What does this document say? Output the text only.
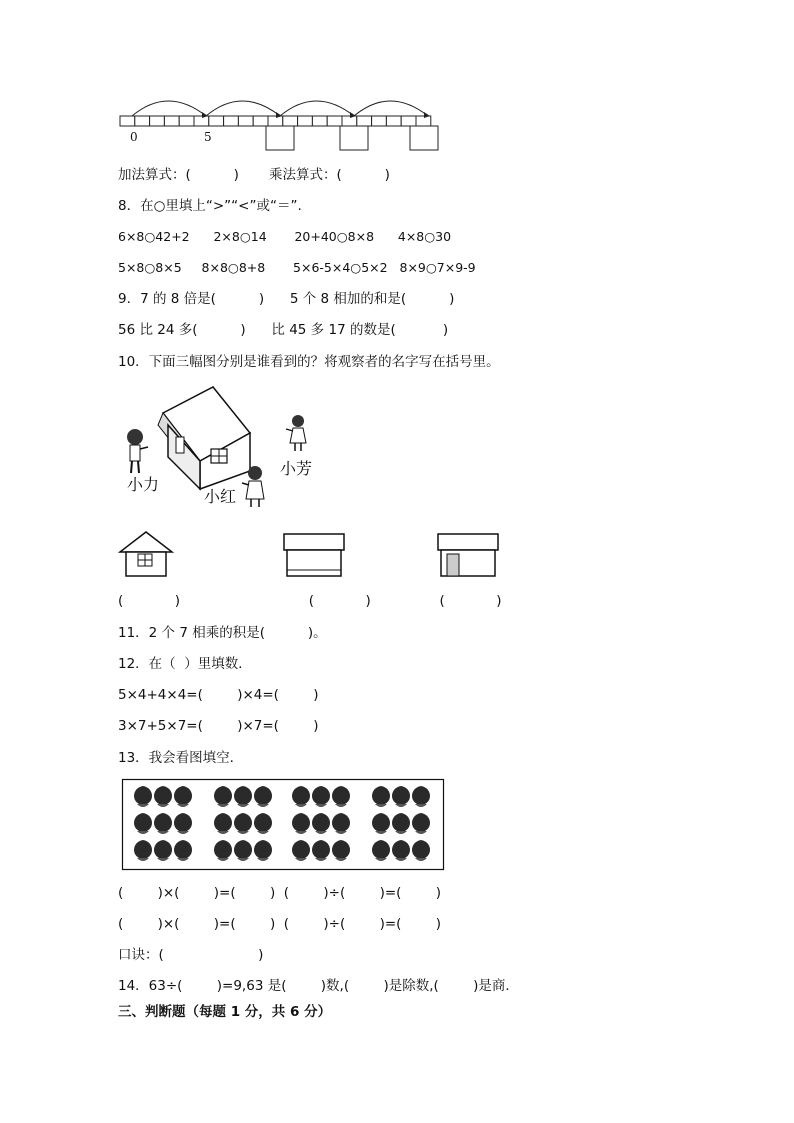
0	5
加法算式：(          )       乘法算式：(          )
8．在○里填上“>”“<”或“＝”.
6×8○42+2      2×8○14       20+40○8×8      4×8○30
5×8○8×5     8×8○8+8       5×6-5×4○5×2   8×9○7×9-9
9．7 的 8 倍是(          )      5 个 8 相加的和是(          )
56 比 24 多(          )      比 45 多 17 的数是(           )
10．下面三幅图分别是谁看到的？将观察者的名字写在括号里。
小力
小红
小芳
(            )                              (            )                (            )
11．2 个 7 相乘的积是(          )。
12．在（  ）里填数．
5×4+4×4=(        )×4=(        )
3×7+5×7=(        )×7=(        )
13．我会看图填空．
(        )×(        )=(        )  (        )÷(        )=(        )
(        )×(        )=(        )  (        )÷(        )=(        )
口诀：(                      )
14．63÷(        )=9,63 是(        )数,(        )是除数,(        )是商．
三、判断题（每题 1 分，共 6 分）
